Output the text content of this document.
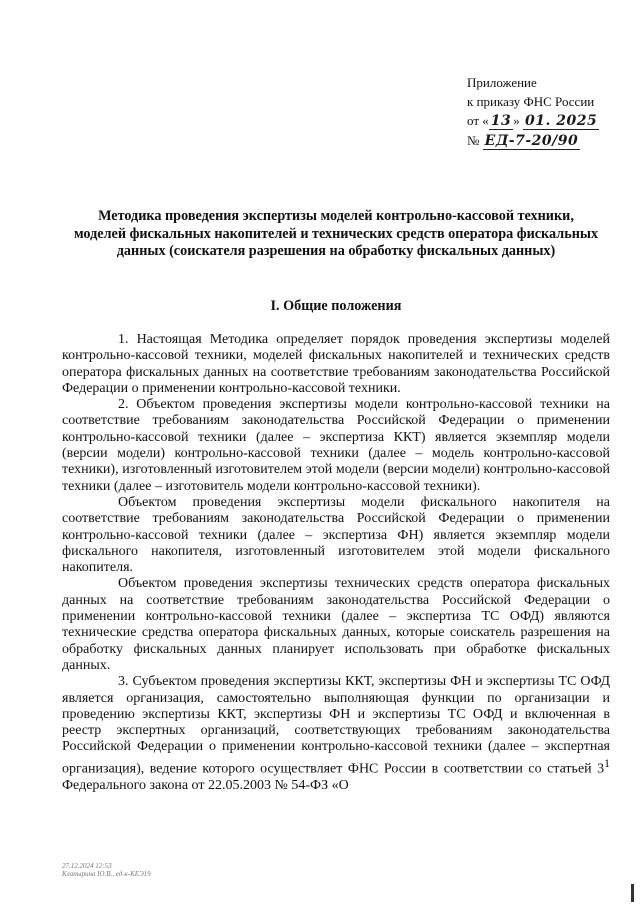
Приложение
к приказу ФНС России
от « 13 » 01. 2025
№ ЕД-7-20/90
Методика проведения экспертизы моделей контрольно-кассовой техники, моделей фискальных накопителей и технических средств оператора фискальных данных (соискателя разрешения на обработку фискальных данных)
I. Общие положения

1. Настоящая Методика определяет порядок проведения экспертизы моделей контрольно-кассовой техники, моделей фискальных накопителей и технических средств оператора фискальных данных на соответствие требованиям законодательства Российской Федерации о применении контрольно-кассовой техники.

2. Объектом проведения экспертизы модели контрольно-кассовой техники на соответствие требованиям законодательства Российской Федерации о применении контрольно-кассовой техники (далее – экспертиза ККТ) является экземпляр модели (версии модели) контрольно-кассовой техники (далее – модель контрольно-кассовой техники), изготовленный изготовителем этой модели (версии модели) контрольно-кассовой техники (далее – изготовитель модели контрольно-кассовой техники).

Объектом проведения экспертизы модели фискального накопителя на соответствие требованиям законодательства Российской Федерации о применении контрольно-кассовой техники (далее – экспертиза ФН) является экземпляр модели фискального накопителя, изготовленный изготовителем этой модели фискального накопителя.

Объектом проведения экспертизы технических средств оператора фискальных данных на соответствие требованиям законодательства Российской Федерации о применении контрольно-кассовой техники (далее – экспертиза ТС ОФД) являются технические средства оператора фискальных данных, которые соискатель разрешения на обработку фискальных данных планирует использовать при обработке фискальных данных.

3. Субъектом проведения экспертизы ККТ, экспертизы ФН и экспертизы ТС ОФД является организация, самостоятельно выполняющая функции по организации и проведению экспертизы ККТ, экспертизы ФН и экспертизы ТС ОФД и включенная в реестр экспертных организаций, соответствующих требованиям законодательства Российской Федерации о применении контрольно-кассовой техники (далее – экспертная организация), ведение которого осуществляет ФНС России в соответствии со статьей $3^1$ Федерального закона от 22.05.2003 № 54-ФЗ «О

27.12.2024 12:53
Клапырина Ю.В., ед-к-КЕЭ19
